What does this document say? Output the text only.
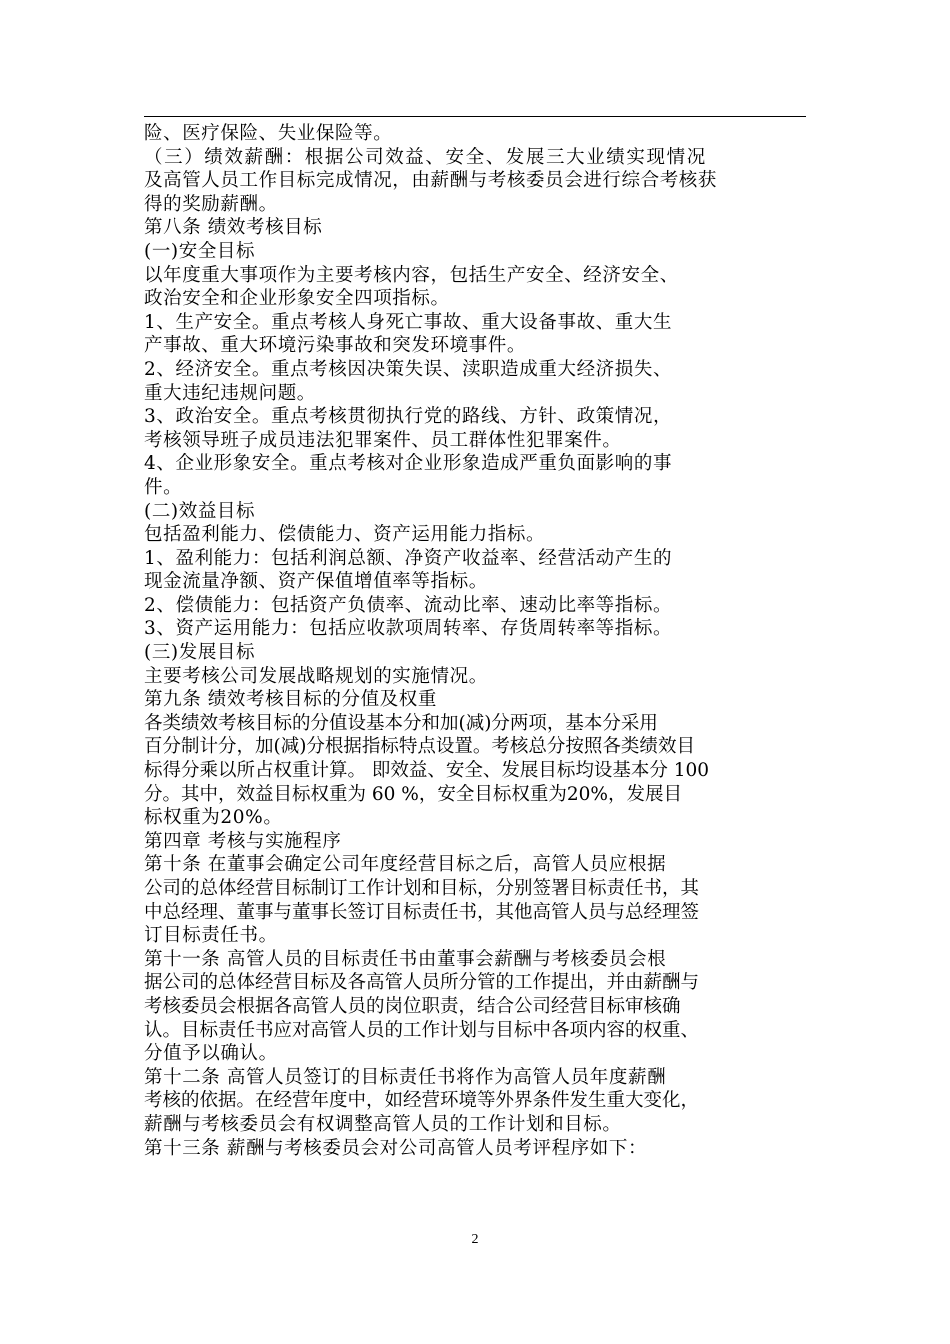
险、医疗保险、失业保险等。
（三）绩效薪酬：根据公司效益、安全、发展三大业绩实现情况
及高管人员工作目标完成情况，由薪酬与考核委员会进行综合考核获
得的奖励薪酬。
第八条 绩效考核目标
(一)安全目标
以年度重大事项作为主要考核内容，包括生产安全、经济安全、
政治安全和企业形象安全四项指标。
1、生产安全。重点考核人身死亡事故、重大设备事故、重大生
产事故、重大环境污染事故和突发环境事件。
2、经济安全。重点考核因决策失误、渎职造成重大经济损失、
重大违纪违规问题。
3、政治安全。重点考核贯彻执行党的路线、方针、政策情况，
考核领导班子成员违法犯罪案件、员工群体性犯罪案件。
4、企业形象安全。重点考核对企业形象造成严重负面影响的事
件。
(二)效益目标
包括盈利能力、偿债能力、资产运用能力指标。
1、盈利能力：包括利润总额、净资产收益率、经营活动产生的
现金流量净额、资产保值增值率等指标。
2、偿债能力：包括资产负债率、流动比率、速动比率等指标。
3、资产运用能力：包括应收款项周转率、存货周转率等指标。
(三)发展目标
主要考核公司发展战略规划的实施情况。
第九条 绩效考核目标的分值及权重
各类绩效考核目标的分值设基本分和加(减)分两项，基本分采用
百分制计分，加(减)分根据指标特点设置。考核总分按照各类绩效目
标得分乘以所占权重计算。 即效益、安全、发展目标均设基本分 100
分。其中，效益目标权重为 60 %，安全目标权重为20%，发展目
标权重为20%。
第四章 考核与实施程序
第十条 在董事会确定公司年度经营目标之后，高管人员应根据
公司的总体经营目标制订工作计划和目标，分别签署目标责任书，其
中总经理、董事与董事长签订目标责任书，其他高管人员与总经理签
订目标责任书。
第十一条 高管人员的目标责任书由董事会薪酬与考核委员会根
据公司的总体经营目标及各高管人员所分管的工作提出，并由薪酬与
考核委员会根据各高管人员的岗位职责，结合公司经营目标审核确
认。目标责任书应对高管人员的工作计划与目标中各项内容的权重、
分值予以确认。
第十二条 高管人员签订的目标责任书将作为高管人员年度薪酬
考核的依据。在经营年度中，如经营环境等外界条件发生重大变化，
薪酬与考核委员会有权调整高管人员的工作计划和目标。
第十三条 薪酬与考核委员会对公司高管人员考评程序如下：
2
